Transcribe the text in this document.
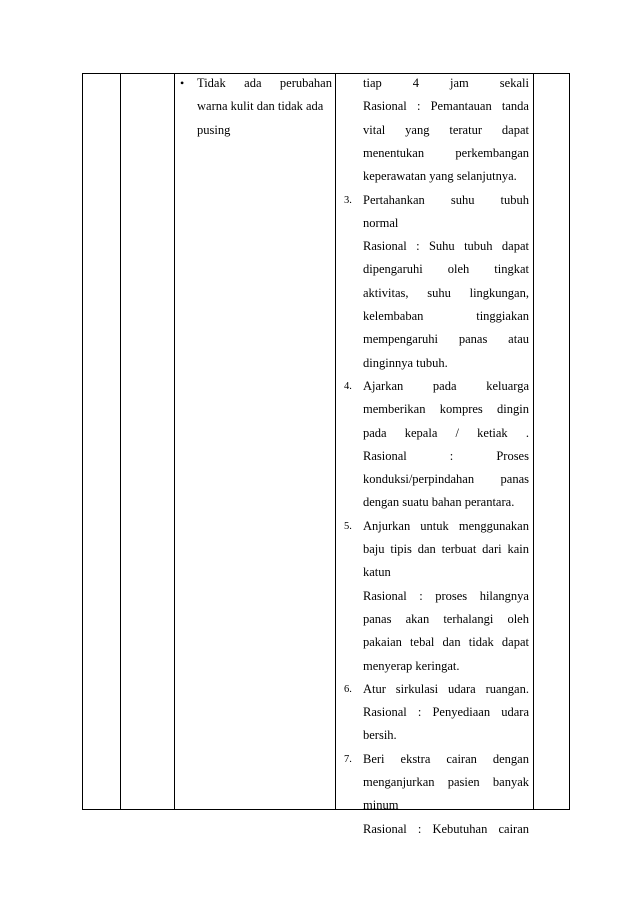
• Tidak ada perubahan
warna kulit dan tidak ada
pusing
tiap 4 jam sekali
Rasional : Pemantauan tanda
vital yang teratur dapat
menentukan	perkembangan
keperawatan yang selanjutnya.
3. Pertahankan suhu tubuh
normal
Rasional : Suhu tubuh dapat
dipengaruhi oleh tingkat
aktivitas, suhu lingkungan,
kelembaban	tinggiakan
mempengaruhi panas atau
dinginnya tubuh.
4. Ajarkan pada keluarga
memberikan kompres dingin
pada kepala / ketiak .
Rasional	:	Proses
konduksi/perpindahan panas
dengan suatu bahan perantara.
5. Anjurkan untuk menggunakan
baju tipis dan terbuat dari kain
katun
Rasional : proses hilangnya
panas akan terhalangi oleh
pakaian tebal dan tidak dapat
menyerap keringat.
6. Atur sirkulasi udara ruangan.
Rasional : Penyediaan udara
bersih.
7. Beri ekstra cairan dengan
menganjurkan pasien banyak
minum
Rasional : Kebutuhan cairan
